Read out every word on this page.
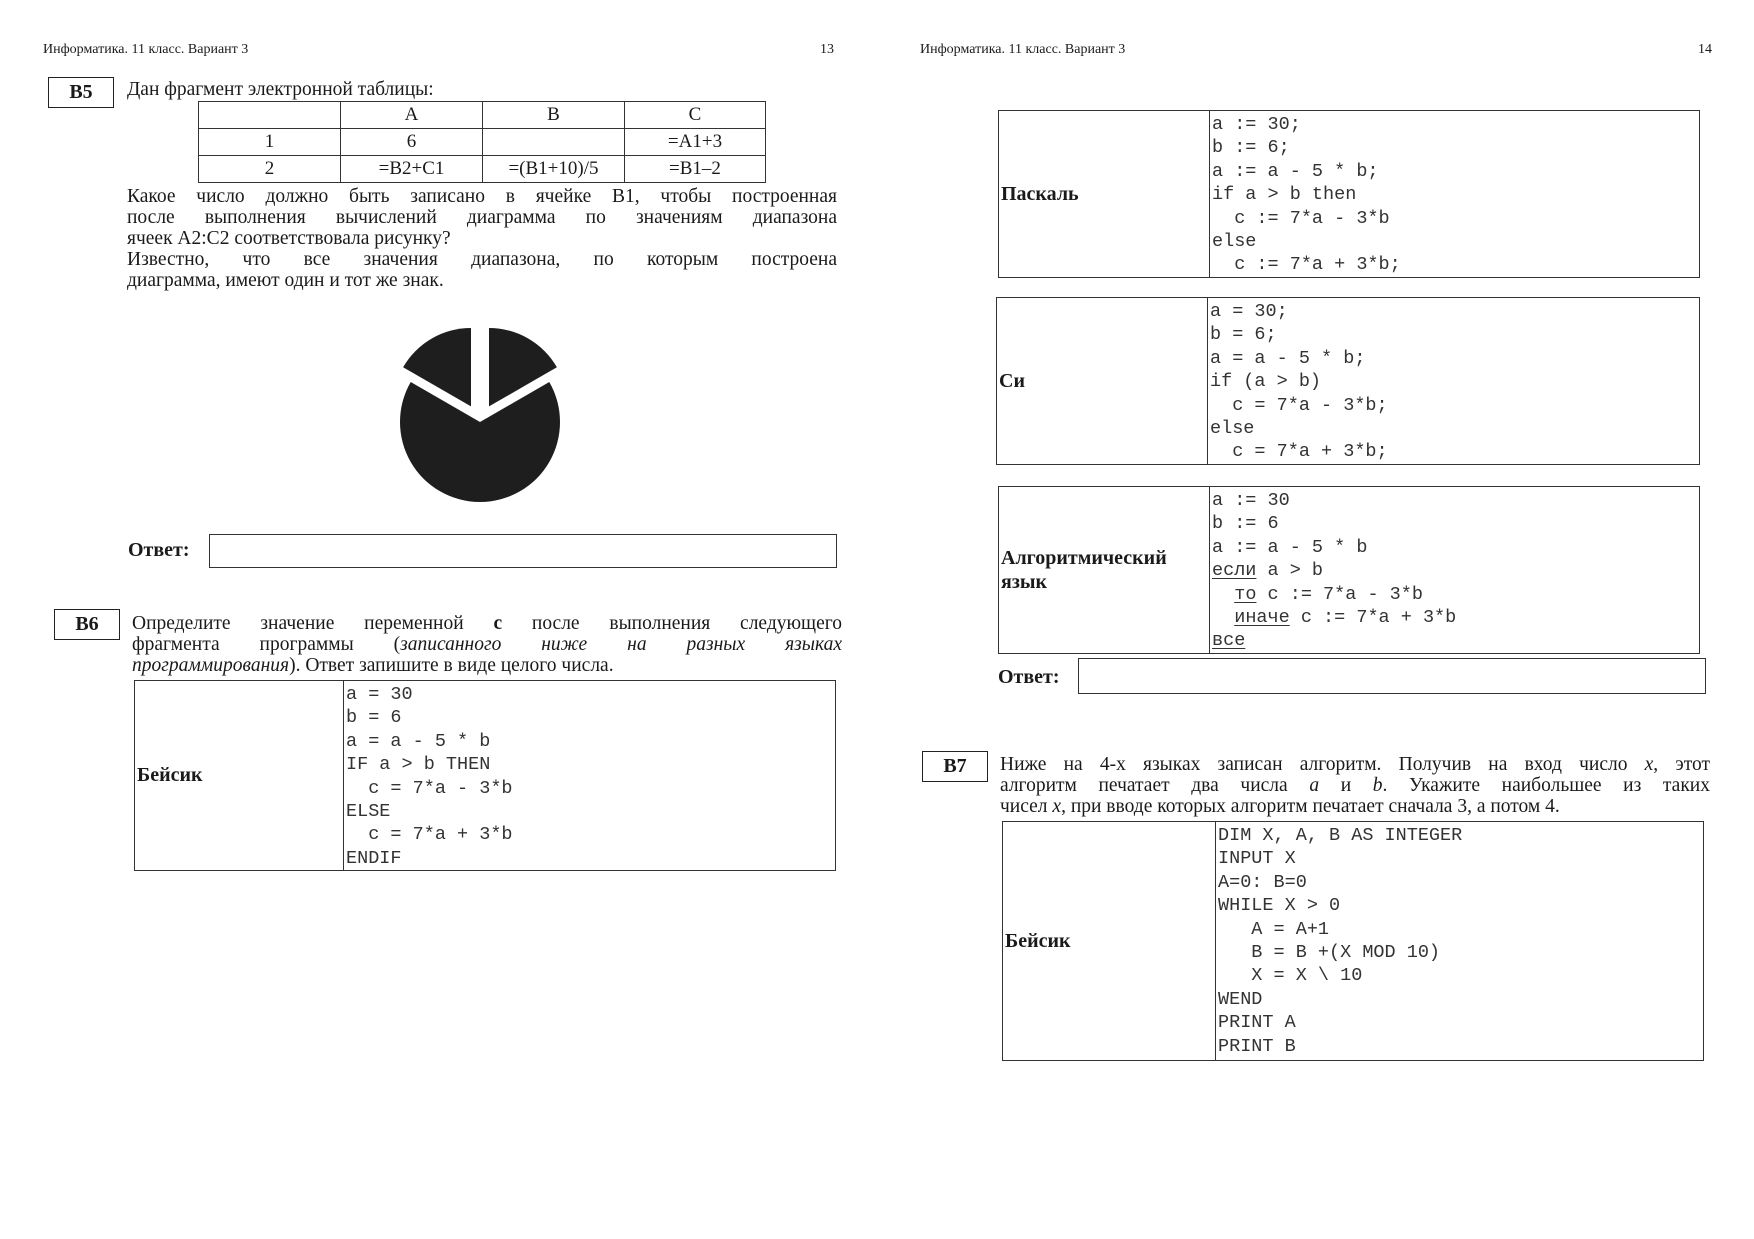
Информатика. 11 класс. Вариант 3	13
B5	Дан фрагмент электронной таблицы:
	A	B	C
1	6		=A1+3
2	=B2+C1	=(B1+10)/5	=B1–2
Какое число должно быть записано в ячейке B1, чтобы построенная
после выполнения вычислений диаграмма по значениям диапазона
ячеек A2:C2 соответствовала рисунку?
Известно, что все значения диапазона, по которым построена
диаграмма, имеют один и тот же знак.
Ответ:
B6	Определите значение переменной c после выполнения следующего
фрагмента программы (записанного ниже на разных языках
программирования). Ответ запишите в виде целого числа.
Бейсик	a = 30
b = 6
a = a - 5 * b
IF a > b THEN
c = 7*a - 3*b
ELSE
c = 7*a + 3*b
ENDIF
Информатика. 11 класс. Вариант 3	14
Паскаль	a := 30;
b := 6;
a := a - 5 * b;
if a > b then
c := 7*a - 3*b
else
c := 7*a + 3*b;
Си	a = 30;
b = 6;
a = a - 5 * b;
if (a > b)
c = 7*a - 3*b;
else
c = 7*a + 3*b;
Алгоритмический
язык	a := 30
b := 6
a := a - 5 * b
если a > b
то c := 7*a - 3*b
иначе c := 7*a + 3*b
все
Ответ:
B7	Ниже на 4-х языках записан алгоритм. Получив на вход число x, этот
алгоритм печатает два числа a и b. Укажите наибольшее из таких
чисел x, при вводе которых алгоритм печатает сначала 3, а потом 4.
Бейсик	DIM X, A, B AS INTEGER
INPUT X
A=0: B=0
WHILE X > 0
A = A+1
B = B +(X MOD 10)
X = X \ 10
WEND
PRINT A
PRINT B
